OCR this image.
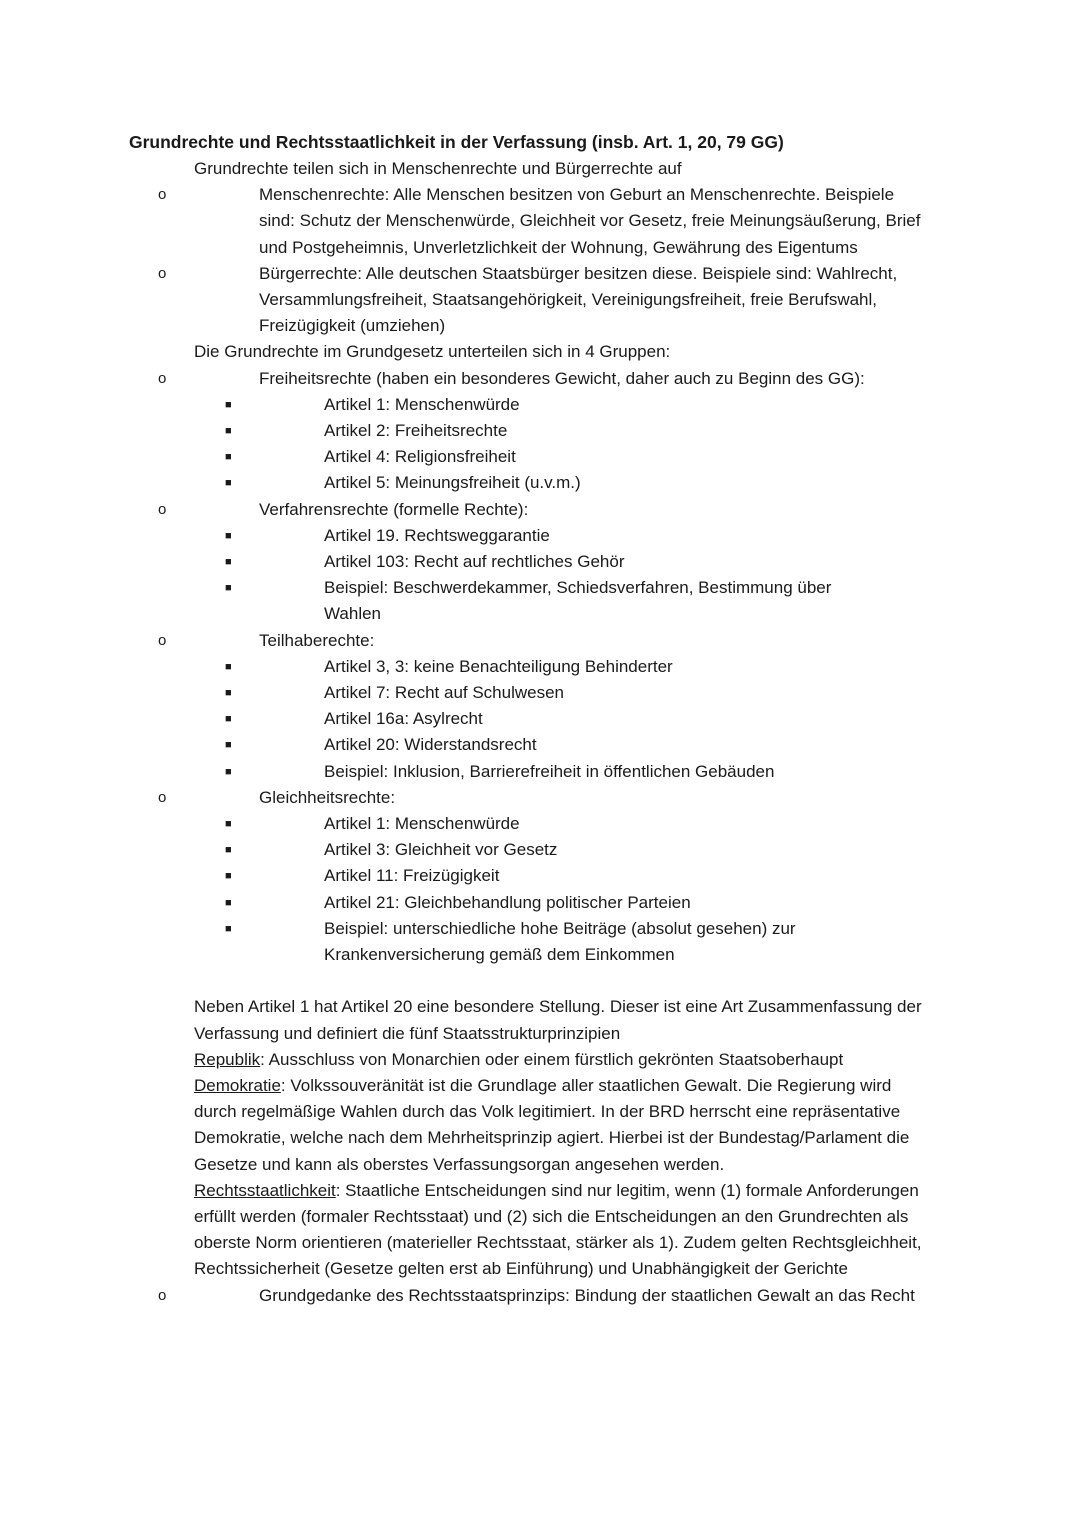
Grundrechte und Rechtsstaatlichkeit in der Verfassung (insb. Art. 1, 20, 79 GG)
Grundrechte teilen sich in Menschenrechte und Bürgerrechte auf
o	Menschenrechte: Alle Menschen besitzen von Geburt an Menschenrechte. Beispiele sind: Schutz der Menschenwürde, Gleichheit vor Gesetz, freie Meinungsäußerung, Brief und Postgeheimnis, Unverletzlichkeit der Wohnung, Gewährung des Eigentums
o	Bürgerrechte: Alle deutschen Staatsbürger besitzen diese. Beispiele sind: Wahlrecht, Versammlungsfreiheit, Staatsangehörigkeit, Vereinigungsfreiheit, freie Berufswahl, Freizügigkeit (umziehen)
Die Grundrechte im Grundgesetz unterteilen sich in 4 Gruppen:
o	Freiheitsrechte (haben ein besonderes Gewicht, daher auch zu Beginn des GG):
■	Artikel 1: Menschenwürde
■	Artikel 2: Freiheitsrechte
■	Artikel 4: Religionsfreiheit
■	Artikel 5: Meinungsfreiheit (u.v.m.)
o	Verfahrensrechte (formelle Rechte):
■	Artikel 19. Rechtsweggarantie
■	Artikel 103: Recht auf rechtliches Gehör
■	Beispiel: Beschwerdekammer, Schiedsverfahren, Bestimmung über Wahlen
o	Teilhaberechte:
■	Artikel 3, 3: keine Benachteiligung Behinderter
■	Artikel 7: Recht auf Schulwesen
■	Artikel 16a: Asylrecht
■	Artikel 20: Widerstandsrecht
■	Beispiel: Inklusion, Barrierefreiheit in öffentlichen Gebäuden
o	Gleichheitsrechte:
■	Artikel 1: Menschenwürde
■	Artikel 3: Gleichheit vor Gesetz
■	Artikel 11: Freizügigkeit
■	Artikel 21: Gleichbehandlung politischer Parteien
■	Beispiel: unterschiedliche hohe Beiträge (absolut gesehen) zur Krankenversicherung gemäß dem Einkommen
Neben Artikel 1 hat Artikel 20 eine besondere Stellung. Dieser ist eine Art Zusammenfassung der Verfassung und definiert die fünf Staatsstrukturprinzipien
Republik: Ausschluss von Monarchien oder einem fürstlich gekrönten Staatsoberhaupt
Demokratie: Volkssouveränität ist die Grundlage aller staatlichen Gewalt. Die Regierung wird durch regelmäßige Wahlen durch das Volk legitimiert. In der BRD herrscht eine repräsentative Demokratie, welche nach dem Mehrheitsprinzip agiert. Hierbei ist der Bundestag/Parlament die Gesetze und kann als oberstes Verfassungsorgan angesehen werden.
Rechtsstaatlichkeit: Staatliche Entscheidungen sind nur legitim, wenn (1) formale Anforderungen erfüllt werden (formaler Rechtsstaat) und (2) sich die Entscheidungen an den Grundrechten als oberste Norm orientieren (materieller Rechtsstaat, stärker als 1). Zudem gelten Rechtsgleichheit, Rechtssicherheit (Gesetze gelten erst ab Einführung) und Unabhängigkeit der Gerichte
o	Grundgedanke des Rechtsstaatsprinzips: Bindung der staatlichen Gewalt an das Recht
